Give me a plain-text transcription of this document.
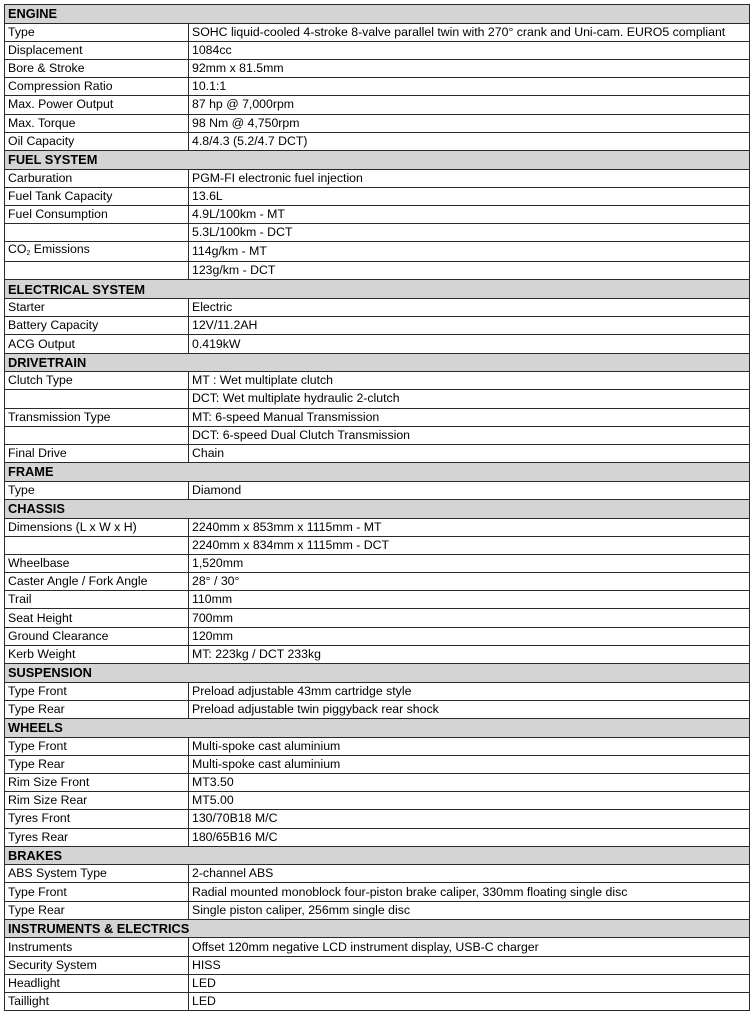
ENGINE	
Type	SOHC liquid-cooled 4-stroke 8-valve parallel twin with 270° crank and Uni-cam. EURO5 compliant
Displacement	1084cc
Bore & Stroke	92mm x 81.5mm
Compression Ratio	10.1:1
Max. Power Output	87 hp @ 7,000rpm
Max. Torque	98 Nm @ 4,750rpm
Oil Capacity	4.8/4.3 (5.2/4.7 DCT)
FUEL SYSTEM	
Carburation	PGM-FI electronic fuel injection
Fuel Tank Capacity	13.6L
Fuel Consumption	4.9L/100km - MT
	5.3L/100km - DCT
$CO_2$ Emissions	114g/km - MT
	123g/km - DCT
ELECTRICAL SYSTEM	
Starter	Electric
Battery Capacity	12V/11.2AH
ACG Output	0.419kW
DRIVETRAIN	
Clutch Type	MT : Wet multiplate clutch
	DCT: Wet multiplate hydraulic 2-clutch
Transmission Type	MT: 6-speed Manual Transmission
	DCT: 6-speed Dual Clutch Transmission
Final Drive	Chain
FRAME	
Type	Diamond
CHASSIS	
Dimensions (L x W x H)	2240mm x 853mm x 1115mm - MT
	2240mm x 834mm x 1115mm - DCT
Wheelbase	1,520mm
Caster Angle / Fork Angle	28° / 30°
Trail	110mm
Seat Height	700mm
Ground Clearance	120mm
Kerb Weight	MT: 223kg / DCT 233kg
SUSPENSION	
Type Front	Preload adjustable 43mm cartridge style
Type Rear	Preload adjustable twin piggyback rear shock
WHEELS	
Type Front	Multi-spoke cast aluminium
Type Rear	Multi-spoke cast aluminium
Rim Size Front	MT3.50
Rim Size Rear	MT5.00
Tyres Front	130/70B18 M/C
Tyres Rear	180/65B16 M/C
BRAKES	
ABS System Type	2-channel ABS
Type Front	Radial mounted monoblock four-piston brake caliper, 330mm floating single disc
Type Rear	Single piston caliper, 256mm single disc
INSTRUMENTS & ELECTRICS	
Instruments	Offset 120mm negative LCD instrument display, USB-C charger
Security System	HISS
Headlight	LED
Taillight	LED
